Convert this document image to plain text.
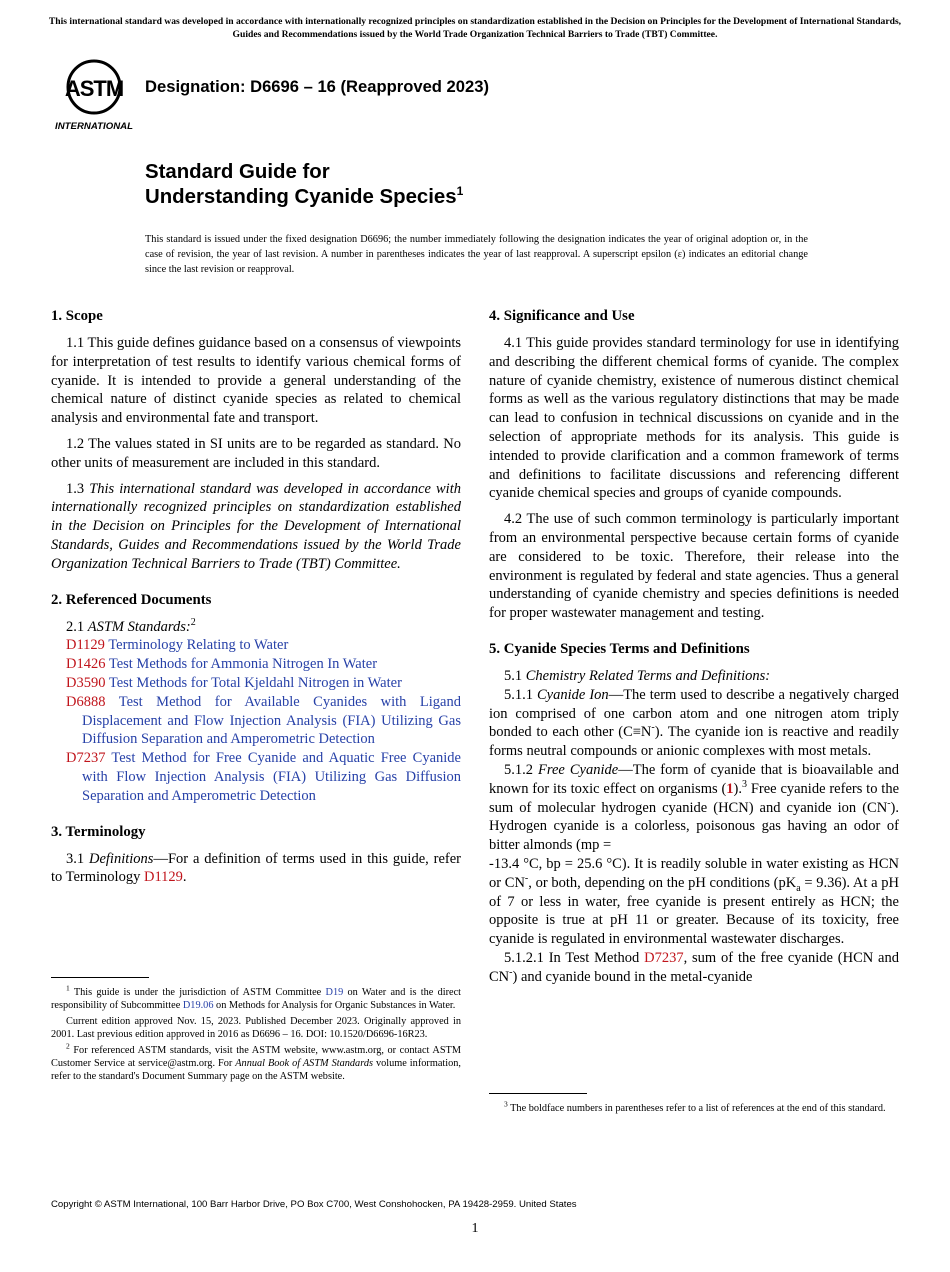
This international standard was developed in accordance with internationally recognized principles on standardization established in the Decision on Principles for the Development of International Standards, Guides and Recommendations issued by the World Trade Organization Technical Barriers to Trade (TBT) Committee.
ASTM
INTERNATIONAL
Designation: D6696 – 16 (Reapproved 2023)
Standard Guide for
Understanding Cyanide Species$^1$
This standard is issued under the fixed designation D6696; the number immediately following the designation indicates the year of original adoption or, in the case of revision, the year of last revision. A number in parentheses indicates the year of last reapproval. A superscript epsilon (ε) indicates an editorial change since the last revision or reapproval.
1. Scope

1.1 This guide defines guidance based on a consensus of viewpoints for interpretation of test results to identify various chemical forms of cyanide. It is intended to provide a general understanding of the chemical nature of distinct cyanide species as related to chemical analysis and environmental fate and transport.

1.2 The values stated in SI units are to be regarded as standard. No other units of measurement are included in this standard.

1.3 This international standard was developed in accordance with internationally recognized principles on standardization established in the Decision on Principles for the Development of International Standards, Guides and Recommendations issued by the World Trade Organization Technical Barriers to Trade (TBT) Committee.

2. Referenced Documents

2.1 ASTM Standards:$^2$

D1129 Terminology Relating to Water

D1426 Test Methods for Ammonia Nitrogen In Water

D3590 Test Methods for Total Kjeldahl Nitrogen in Water

D6888 Test Method for Available Cyanides with Ligand Displacement and Flow Injection Analysis (FIA) Utilizing Gas Diffusion Separation and Amperometric Detection

D7237 Test Method for Free Cyanide and Aquatic Free Cyanide with Flow Injection Analysis (FIA) Utilizing Gas Diffusion Separation and Amperometric Detection

3. Terminology

3.1 Definitions—For a definition of terms used in this guide, refer to Terminology D1129.

$^1$ This guide is under the jurisdiction of ASTM Committee D19 on Water and is the direct responsibility of Subcommittee D19.06 on Methods for Analysis for Organic Substances in Water.

Current edition approved Nov. 15, 2023. Published December 2023. Originally approved in 2001. Last previous edition approved in 2016 as D6696 – 16. DOI: 10.1520/D6696-16R23.

$^2$ For referenced ASTM standards, visit the ASTM website, www.astm.org, or contact ASTM Customer Service at service@astm.org. For Annual Book of ASTM Standards volume information, refer to the standard's Document Summary page on the ASTM website.

4. Significance and Use

4.1 This guide provides standard terminology for use in identifying and describing the different chemical forms of cyanide. The complex nature of cyanide chemistry, existence of numerous distinct chemical forms as well as the various regulatory distinctions that may be made can lead to confusion in technical discussions on cyanide and in the selection of appropriate methods for its analysis. This guide is intended to provide clarification and a common framework of terms and definitions to facilitate discussions and referencing different cyanide chemical species and groups of cyanide compounds.

4.2 The use of such common terminology is particularly important from an environmental perspective because certain forms of cyanide are considered to be toxic. Therefore, their release into the environment is regulated by federal and state agencies. Thus a general understanding of cyanide chemistry and species definitions is needed for proper wastewater management and testing.

5. Cyanide Species Terms and Definitions

5.1 Chemistry Related Terms and Definitions:

5.1.1 Cyanide Ion—The term used to describe a negatively charged ion comprised of one carbon atom and one nitrogen atom triply bonded to each other (C≡N-). The cyanide ion is reactive and readily forms neutral compounds or anionic complexes with most metals.

5.1.2 Free Cyanide—The form of cyanide that is bioavailable and known for its toxic effect on organisms (1).$^3$ Free cyanide refers to the sum of molecular hydrogen cyanide (HCN) and cyanide ion (CN-). Hydrogen cyanide is a colorless, poisonous gas having an odor of bitter almonds (mp =

-13.4 °C, bp = 25.6 °C). It is readily soluble in water existing as HCN or CN-, or both, depending on the pH conditions $(pK_a = 9.36)$. At a pH of 7 or less in water, free cyanide is present entirely as HCN; the opposite is true at pH 11 or greater. Because of its toxicity, free cyanide is regulated in environmental wastewater discharges.

5.1.2.1 In Test Method D7237, sum of the free cyanide (HCN and CN-) and cyanide bound in the metal-cyanide

$^3$ The boldface numbers in parentheses refer to a list of references at the end of this standard.

Copyright © ASTM International, 100 Barr Harbor Drive, PO Box C700, West Conshohocken, PA 19428-2959. United States
1
